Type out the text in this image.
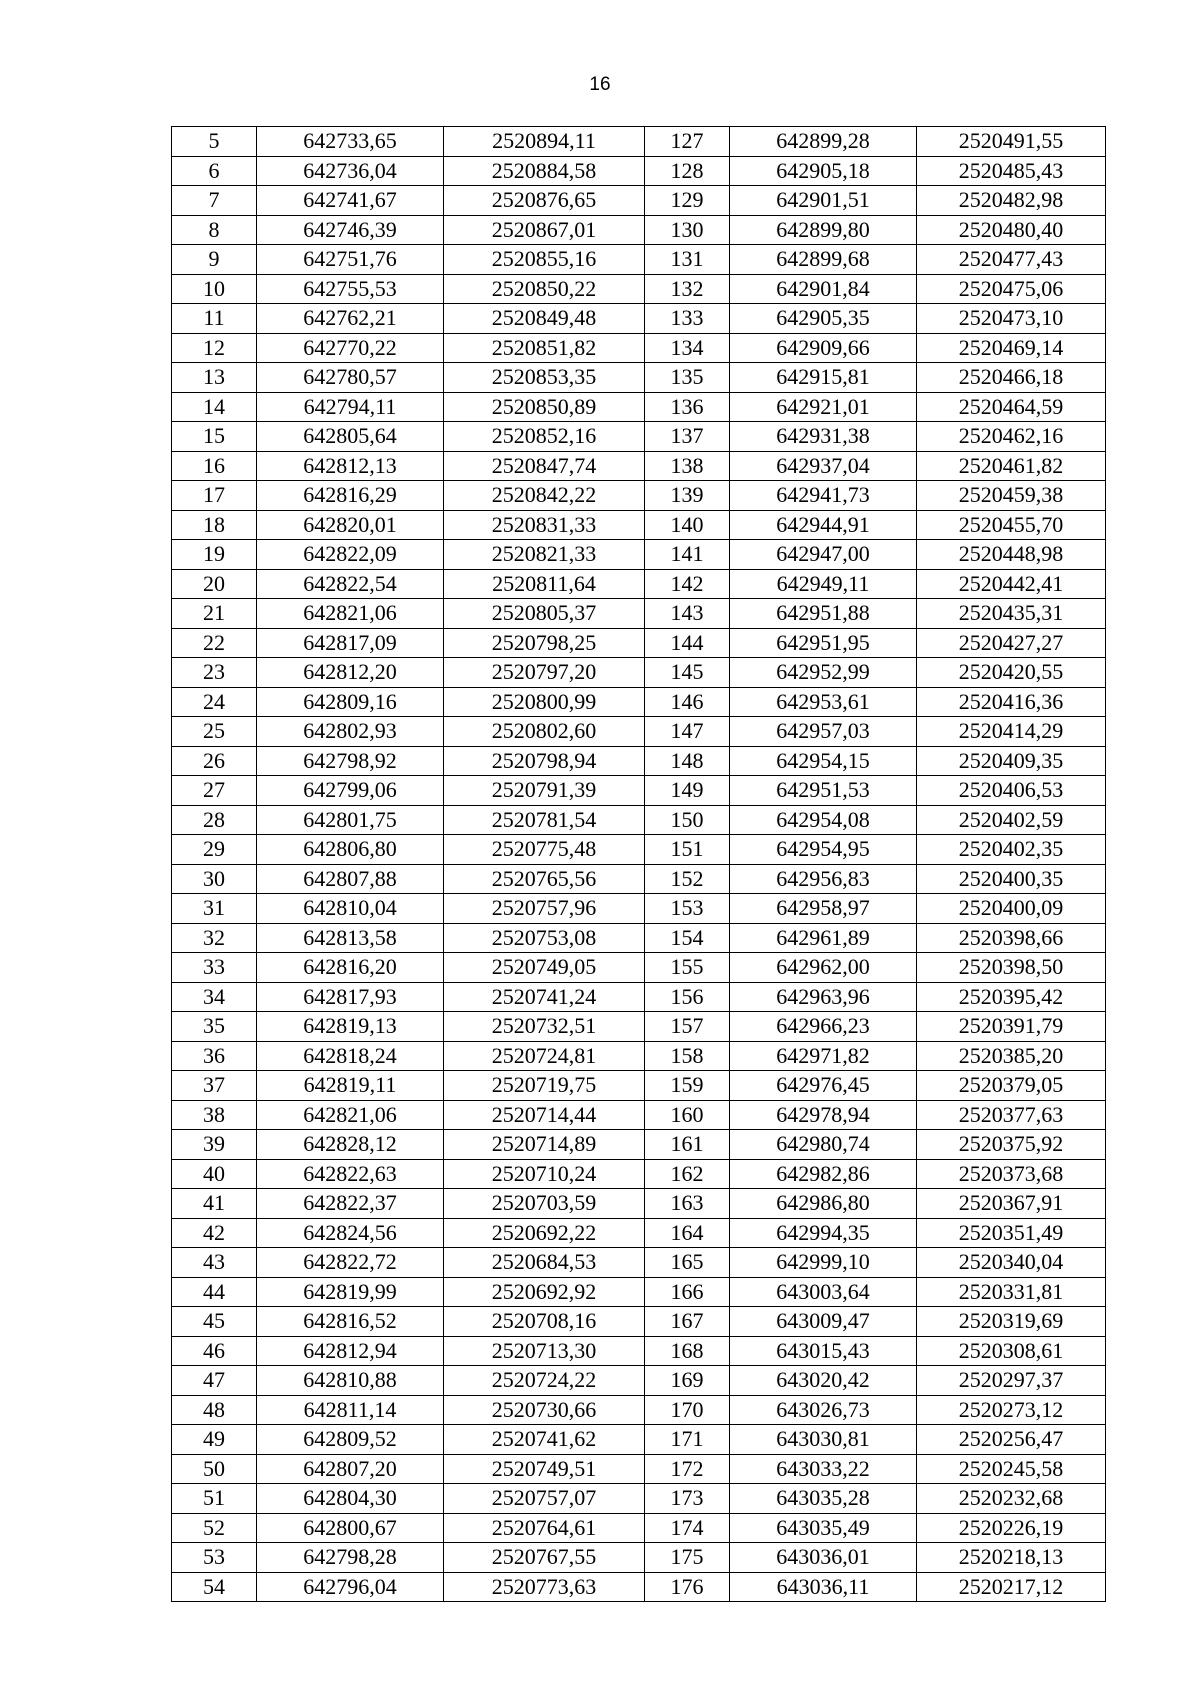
16
5	642733,65	2520894,11	127	642899,28	2520491,55
6	642736,04	2520884,58	128	642905,18	2520485,43
7	642741,67	2520876,65	129	642901,51	2520482,98
8	642746,39	2520867,01	130	642899,80	2520480,40
9	642751,76	2520855,16	131	642899,68	2520477,43
10	642755,53	2520850,22	132	642901,84	2520475,06
11	642762,21	2520849,48	133	642905,35	2520473,10
12	642770,22	2520851,82	134	642909,66	2520469,14
13	642780,57	2520853,35	135	642915,81	2520466,18
14	642794,11	2520850,89	136	642921,01	2520464,59
15	642805,64	2520852,16	137	642931,38	2520462,16
16	642812,13	2520847,74	138	642937,04	2520461,82
17	642816,29	2520842,22	139	642941,73	2520459,38
18	642820,01	2520831,33	140	642944,91	2520455,70
19	642822,09	2520821,33	141	642947,00	2520448,98
20	642822,54	2520811,64	142	642949,11	2520442,41
21	642821,06	2520805,37	143	642951,88	2520435,31
22	642817,09	2520798,25	144	642951,95	2520427,27
23	642812,20	2520797,20	145	642952,99	2520420,55
24	642809,16	2520800,99	146	642953,61	2520416,36
25	642802,93	2520802,60	147	642957,03	2520414,29
26	642798,92	2520798,94	148	642954,15	2520409,35
27	642799,06	2520791,39	149	642951,53	2520406,53
28	642801,75	2520781,54	150	642954,08	2520402,59
29	642806,80	2520775,48	151	642954,95	2520402,35
30	642807,88	2520765,56	152	642956,83	2520400,35
31	642810,04	2520757,96	153	642958,97	2520400,09
32	642813,58	2520753,08	154	642961,89	2520398,66
33	642816,20	2520749,05	155	642962,00	2520398,50
34	642817,93	2520741,24	156	642963,96	2520395,42
35	642819,13	2520732,51	157	642966,23	2520391,79
36	642818,24	2520724,81	158	642971,82	2520385,20
37	642819,11	2520719,75	159	642976,45	2520379,05
38	642821,06	2520714,44	160	642978,94	2520377,63
39	642828,12	2520714,89	161	642980,74	2520375,92
40	642822,63	2520710,24	162	642982,86	2520373,68
41	642822,37	2520703,59	163	642986,80	2520367,91
42	642824,56	2520692,22	164	642994,35	2520351,49
43	642822,72	2520684,53	165	642999,10	2520340,04
44	642819,99	2520692,92	166	643003,64	2520331,81
45	642816,52	2520708,16	167	643009,47	2520319,69
46	642812,94	2520713,30	168	643015,43	2520308,61
47	642810,88	2520724,22	169	643020,42	2520297,37
48	642811,14	2520730,66	170	643026,73	2520273,12
49	642809,52	2520741,62	171	643030,81	2520256,47
50	642807,20	2520749,51	172	643033,22	2520245,58
51	642804,30	2520757,07	173	643035,28	2520232,68
52	642800,67	2520764,61	174	643035,49	2520226,19
53	642798,28	2520767,55	175	643036,01	2520218,13
54	642796,04	2520773,63	176	643036,11	2520217,12
